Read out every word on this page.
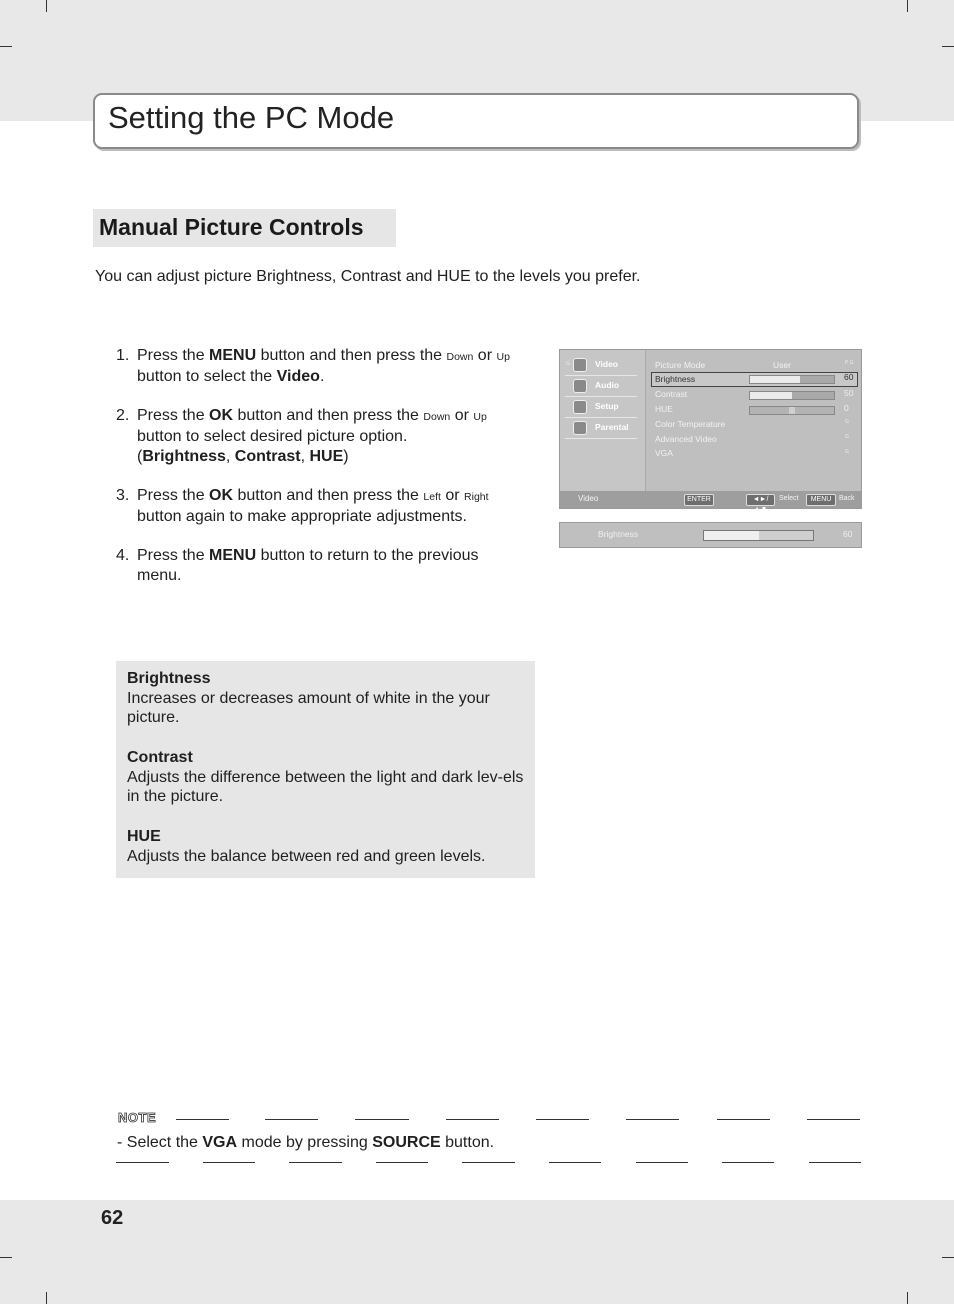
Setting the PC Mode
Manual Picture Controls
You can adjust picture Brightness, Contrast and HUE to the levels you prefer.
1. Press the MENU button and then press the Down or Up button to select the Video.
2. Press the OK button and then press the Down or Up
button to select desired picture option.
(Brightness, Contrast, HUE)
3. Press the OK button and then press the Left or Right
button again to make appropriate adjustments.
4. Press the MENU button to return to the previous menu.
G	Video
Audio
Setup
Parental
P G
Picture Mode	User
Brightness	60
Contrast	50
HUE	0
Color Temperature	G
Advanced Video	G
VGA	G
Video	ENTER	◄►/ ▲▼
Select	MENU	Back
Brightness	60
Brightness
Increases or decreases amount of white in the your picture.
Contrast
Adjusts the difference between the light and dark lev-els in the picture.
HUE
Adjusts the balance between red and green levels.
NOTE
- Select the VGA mode by pressing SOURCE button.
62
